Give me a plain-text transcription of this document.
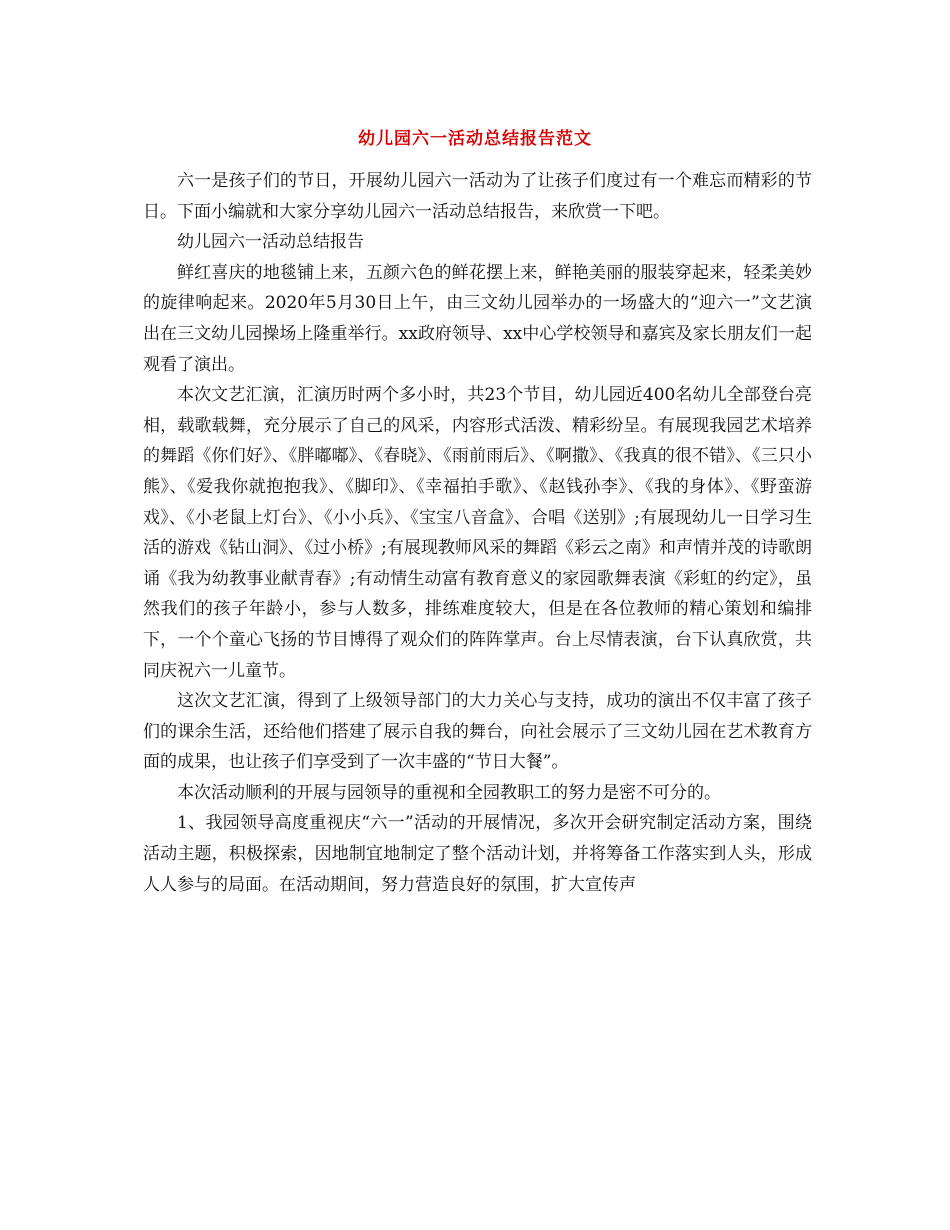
幼儿园六一活动总结报告范文

六一是孩子们的节日，开展幼儿园六一活动为了让孩子们度过有一个难忘而精彩的节日。下面小编就和大家分享幼儿园六一活动总结报告，来欣赏一下吧。

幼儿园六一活动总结报告

鲜红喜庆的地毯铺上来，五颜六色的鲜花摆上来，鲜艳美丽的服装穿起来，轻柔美妙的旋律响起来。2020年5月30日上午，由三文幼儿园举办的一场盛大的“迎六一”文艺演出在三文幼儿园操场上隆重举行。xx政府领导、xx中心学校领导和嘉宾及家长朋友们一起观看了演出。

本次文艺汇演，汇演历时两个多小时，共23个节目，幼儿园近400名幼儿全部登台亮相，载歌载舞，充分展示了自己的风采，内容形式活泼、精彩纷呈。有展现我园艺术培养的舞蹈《你们好》、《胖嘟嘟》、《春晓》、《雨前雨后》、《啊撒》、《我真的很不错》、《三只小熊》、《爱我你就抱抱我》、《脚印》、《幸福拍手歌》、《赵钱孙李》、《我的身体》、《野蛮游戏》、《小老鼠上灯台》、《小小兵》、《宝宝八音盒》、合唱《送别》;有展现幼儿一日学习生活的游戏《钻山洞》、《过小桥》;有展现教师风采的舞蹈《彩云之南》和声情并茂的诗歌朗诵《我为幼教事业献青春》;有动情生动富有教育意义的家园歌舞表演《彩虹的约定》，虽然我们的孩子年龄小，参与人数多，排练难度较大，但是在各位教师的精心策划和编排下，一个个童心飞扬的节目博得了观众们的阵阵掌声。台上尽情表演，台下认真欣赏，共同庆祝六一儿童节。

这次文艺汇演，得到了上级领导部门的大力关心与支持，成功的演出不仅丰富了孩子们的课余生活，还给他们搭建了展示自我的舞台，向社会展示了三文幼儿园在艺术教育方面的成果，也让孩子们享受到了一次丰盛的“节日大餐”。

本次活动顺利的开展与园领导的重视和全园教职工的努力是密不可分的。

1、我园领导高度重视庆“六一”活动的开展情况，多次开会研究制定活动方案，围绕活动主题，积极探索，因地制宜地制定了整个活动计划，并将筹备工作落实到人头，形成人人参与的局面。在活动期间，努力营造良好的氛围，扩大宣传声
